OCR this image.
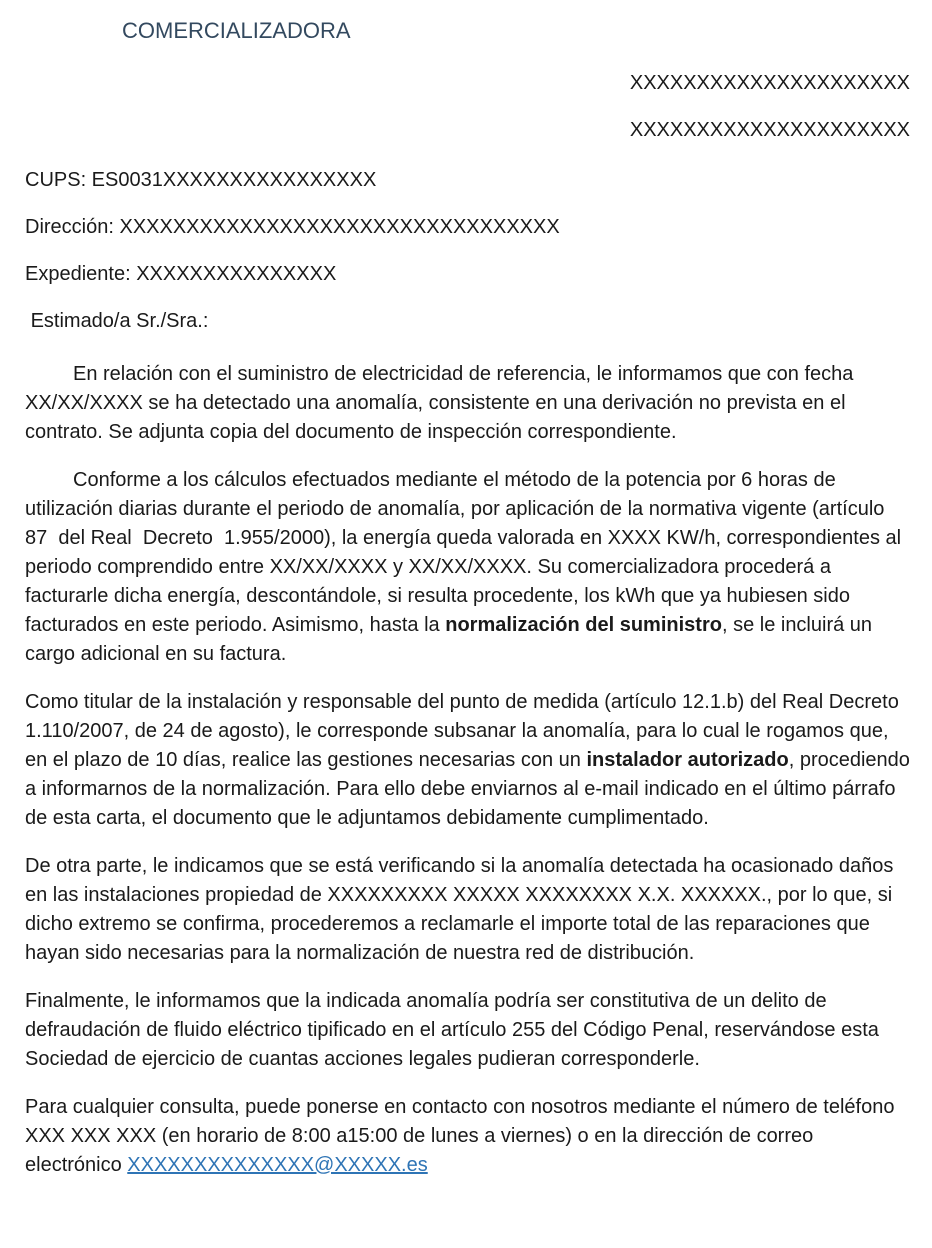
COMERCIALIZADORA
XXXXXXXXXXXXXXXXXXXXX
XXXXXXXXXXXXXXXXXXXXX
CUPS: ES0031XXXXXXXXXXXXXXXX
Dirección: XXXXXXXXXXXXXXXXXXXXXXXXXXXXXXXXX
Expediente: XXXXXXXXXXXXXXX
Estimado/a Sr./Sra.:

En relación con el suministro de electricidad de referencia, le informamos que con fecha XX/XX/XXXX se ha detectado una anomalía, consistente en una derivación no prevista en el contrato. Se adjunta copia del documento de inspección correspondiente.

Conforme a los cálculos efectuados mediante el método de la potencia por 6 horas de utilización diarias durante el periodo de anomalía, por aplicación de la normativa vigente (artículo  87  del Real  Decreto  1.955/2000), la energía queda valorada en XXXX KW/h, correspondientes al periodo comprendido entre XX/XX/XXXX y XX/XX/XXXX. Su comercializadora procederá a facturarle dicha energía, descontándole, si resulta procedente, los kWh que ya hubiesen sido facturados en este periodo. Asimismo, hasta la normalización del suministro, se le incluirá un cargo adicional en su factura.

Como titular de la instalación y responsable del punto de medida (artículo 12.1.b) del Real Decreto 1.110/2007, de 24 de agosto), le corresponde subsanar la anomalía, para lo cual le rogamos que, en el plazo de 10 días, realice las gestiones necesarias con un instalador autorizado, procediendo a informarnos de la normalización. Para ello debe enviarnos al e-mail indicado en el último párrafo de esta carta, el documento que le adjuntamos debidamente cumplimentado.

De otra parte, le indicamos que se está verificando si la anomalía detectada ha ocasionado daños en las instalaciones propiedad de XXXXXXXXX XXXXX XXXXXXXX X.X. XXXXXX., por lo que, si dicho extremo se confirma, procederemos a reclamarle el importe total de las reparaciones que hayan sido necesarias para la normalización de nuestra red de distribución.

Finalmente, le informamos que la indicada anomalía podría ser constitutiva de un delito de defraudación de fluido eléctrico tipificado en el artículo 255 del Código Penal, reservándose esta Sociedad de ejercicio de cuantas acciones legales pudieran corresponderle.

Para cualquier consulta, puede ponerse en contacto con nosotros mediante el número de teléfono XXX XXX XXX (en horario de 8:00 a15:00 de lunes a viernes) o en la dirección de correo electrónico XXXXXXXXXXXXXX@XXXXX.es
